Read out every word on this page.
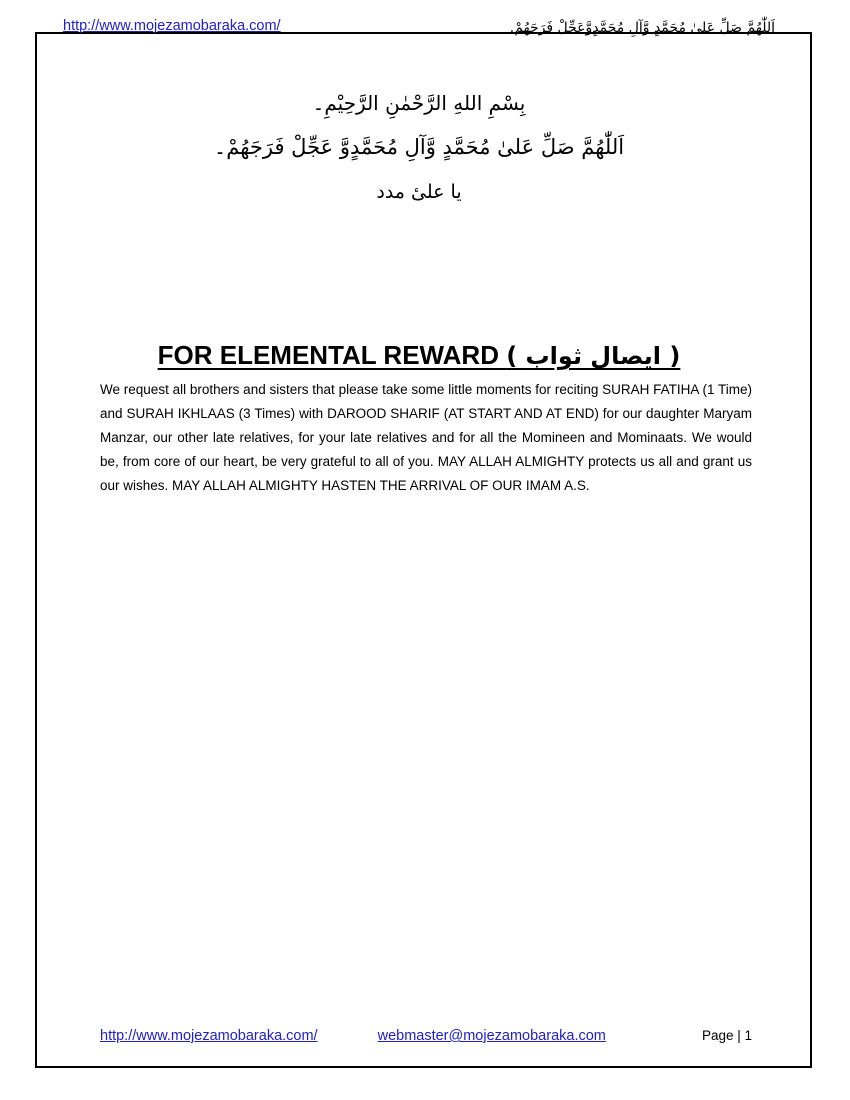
http://www.mojezamobaraka.com/	اَللّٰهُمَّ صَلِّ عَلىٰ مُحَمَّدٍ وَّآلِ مُحَمَّدٍوَّعَجِّلْ فَرَجَهُمْ.

بِسْمِ اللهِ الرَّحْمٰنِ الرَّحِيْمِ۔

اَللّٰهُمَّ صَلِّ عَلىٰ مُحَمَّدٍ وَّآلِ مُحَمَّدٍوَّ عَجِّلْ فَرَجَهُمْ۔

یا علیٔ مدد

FOR ELEMENTAL REWARD ( ایصال ثواب )
We request all brothers and sisters that please take some little moments for reciting SURAH FATIHA (1 Time) and SURAH IKHLAAS (3 Times) with DAROOD SHARIF (AT START AND AT END) for our daughter Maryam Manzar, our other late relatives, for your late relatives and for all the Momineen and Mominaats. We would be, from core of our heart, be very grateful to all of you. MAY ALLAH ALMIGHTY protects us all and grant us our wishes. MAY ALLAH ALMIGHTY HASTEN THE ARRIVAL OF OUR IMAM A.S.
http://www.mojezamobaraka.com/	webmaster@mojezamobaraka.com	Page | 1
